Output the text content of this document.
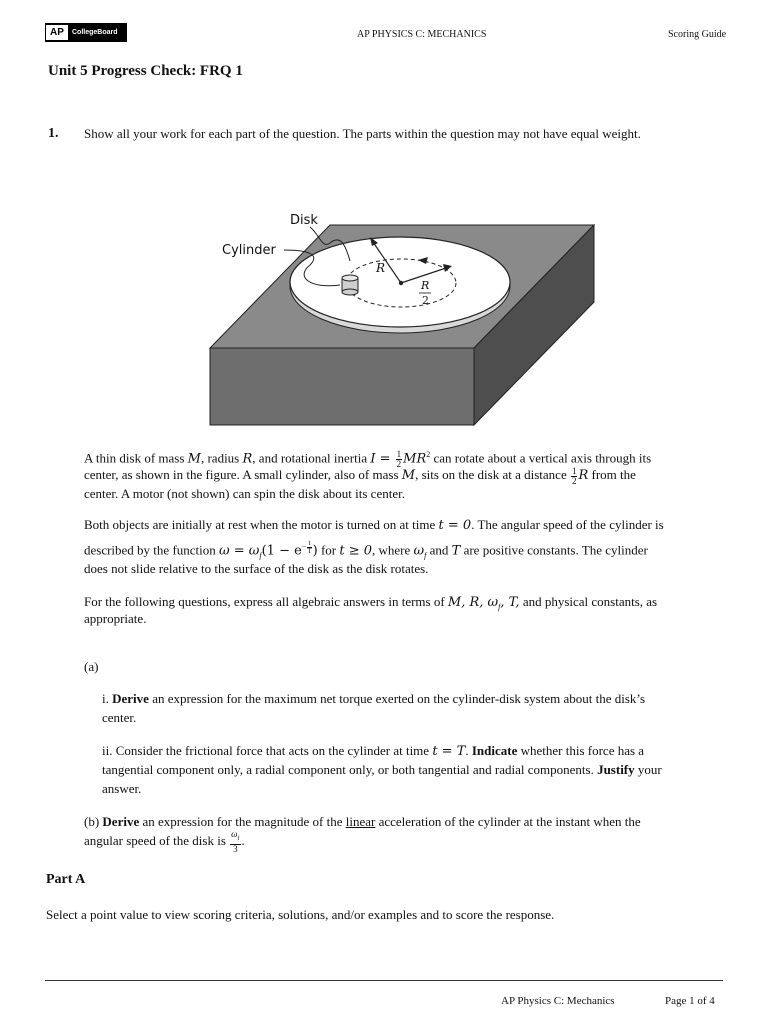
AP	CollegeBoard	AP PHYSICS C: MECHANICS	Scoring Guide
Unit 5 Progress Check: FRQ 1
1. Show all your work for each part of the question. The parts within the question may not have equal weight.
Disk
Cylinder
R
R
2
A thin disk of mass M, radius R, and rotational inertia $I = \frac{1}{2} MR^2$ can rotate about a vertical axis through its
center, as shown in the figure. A small cylinder, also of mass M, sits on the disk at a distance $\frac{1}{2}$ R from the
center. A motor (not shown) can spin the disk about its center.
Both objects are initially at rest when the motor is turned on at time t = 0. The angular speed of the cylinder is
described by the function $\omega = \omega_f(1 - e^{- \frac{t}{T}}$ ) for t ≥ 0, where $\omega_f$ and T are positive constants. The cylinder
does not slide relative to the surface of the disk as the disk rotates.
For the following questions, express all algebraic answers in terms of M, R, $\omega_f$, T, and physical constants, as
appropriate.
(a)
i. Derive an expression for the maximum net torque exerted on the cylinder-disk system about the disk’s
center.
ii. Consider the frictional force that acts on the cylinder at time t = T. Indicate whether this force has a
tangential component only, a radial component only, or both tangential and radial components. Justify your
answer.
(b) Derive an expression for the magnitude of the linear acceleration of the cylinder at the instant when the
angular speed of the disk is $\frac{\omega_f}{3}$ .
Part A
Select a point value to view scoring criteria, solutions, and/or examples and to score the response.
AP Physics C: Mechanics	Page 1 of 4
